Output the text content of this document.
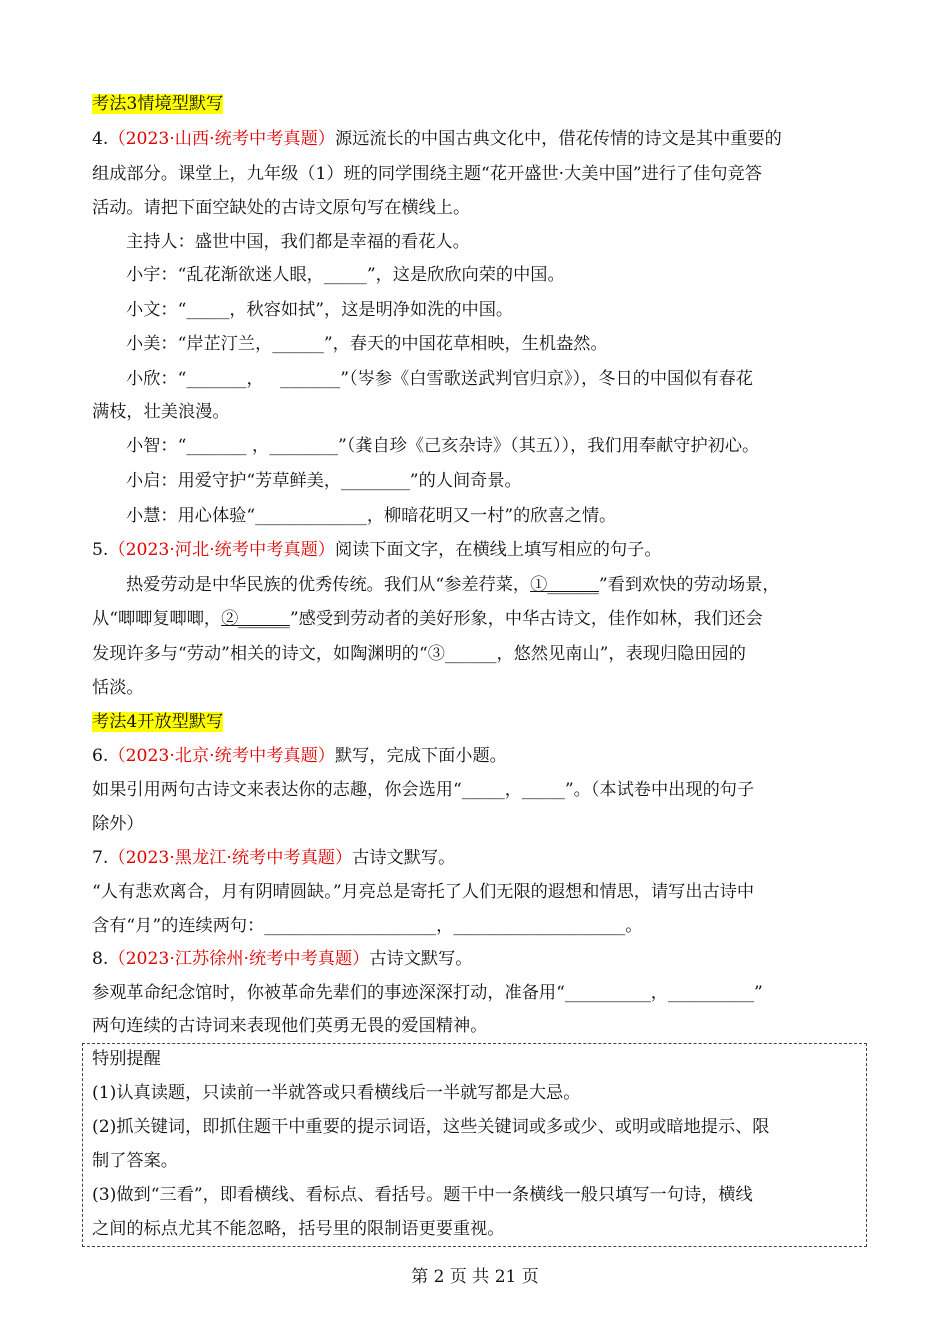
考法3情境型默写
4.（2023·山西·统考中考真题）源远流长的中国古典文化中，借花传情的诗文是其中重要的
组成部分。课堂上，九年级（1）班的同学围绕主题“花开盛世·大美中国”进行了佳句竞答
活动。请把下面空缺处的古诗文原句写在横线上。
主持人：盛世中国，我们都是幸福的看花人。
小宇：“乱花渐欲迷人眼，_____”，这是欣欣向荣的中国。
小文：“_____，秋容如拭”，这是明净如洗的中国。
小美：“岸芷汀兰，______”，春天的中国花草相映，生机盎然。
小欣：“_______， _______”（岑参《白雪歌送武判官归京》），冬日的中国似有春花
满枝，壮美浪漫。
小智：“_______ ，________”（龚自珍《己亥杂诗》（其五）），我们用奉献守护初心。
小启：用爱守护“芳草鲜美，________”的人间奇景。
小慧：用心体验“_____________，柳暗花明又一村”的欣喜之情。
5.（2023·河北·统考中考真题）阅读下面文字，在横线上填写相应的句子。
热爱劳动是中华民族的优秀传统。我们从“参差荇菜，①______”看到欢快的劳动场景，
从“唧唧复唧唧，②______”感受到劳动者的美好形象，中华古诗文，佳作如林，我们还会
发现许多与“劳动”相关的诗文，如陶渊明的“③______，悠然见南山”，表现归隐田园的
恬淡。
考法4开放型默写
6.（2023·北京·统考中考真题）默写，完成下面小题。
如果引用两句古诗文来表达你的志趣，你会选用“_____，_____”。（本试卷中出现的句子
除外）
7.（2023·黑龙江·统考中考真题）古诗文默写。
“人有悲欢离合，月有阴晴圆缺。”月亮总是寄托了人们无限的遐想和情思，请写出古诗中
含有“月”的连续两句：____________________，____________________。
8.（2023·江苏徐州·统考中考真题）古诗文默写。
参观革命纪念馆时，你被革命先辈们的事迹深深打动，准备用“__________，__________”
两句连续的古诗词来表现他们英勇无畏的爱国精神。
特别提醒
(1)认真读题，只读前一半就答或只看横线后一半就写都是大忌。
(2)抓关键词，即抓住题干中重要的提示词语，这些关键词或多或少、或明或暗地提示、限
制了答案。
(3)做到“三看”，即看横线、看标点、看括号。题干中一条横线一般只填写一句诗，横线
之间的标点尤其不能忽略，括号里的限制语更要重视。
第 2 页 共 21 页
